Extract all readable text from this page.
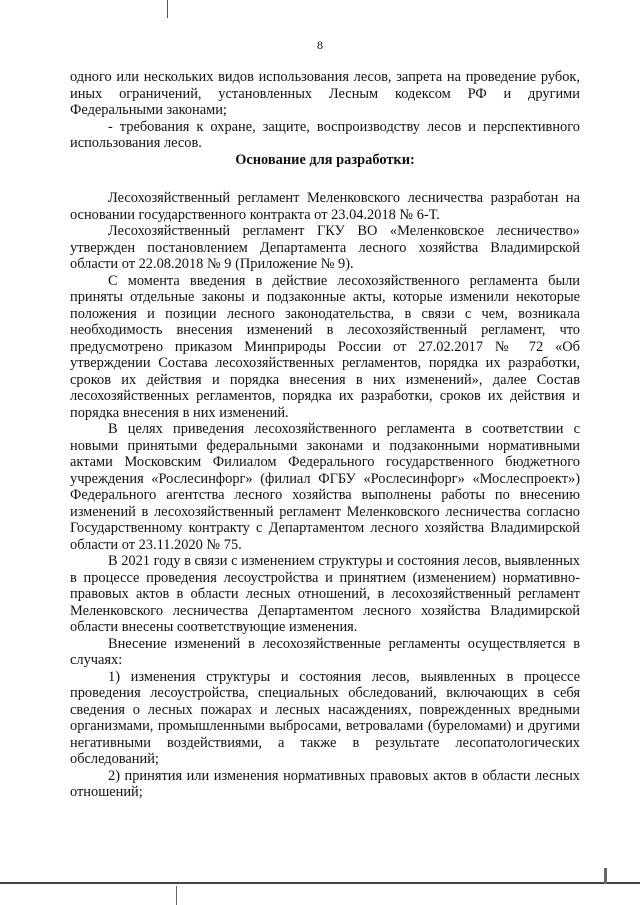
8

одного или нескольких видов использования лесов, запрета на проведение рубок, иных ограничений, установленных Лесным кодексом РФ и другими Федеральными законами;

- требования к охране, защите, воспроизводству лесов и перспективного использования лесов.

Основание для разработки:

Лесохозяйственный регламент Меленковского лесничества разработан на основании государственного контракта от 23.04.2018 № 6-Т.

Лесохозяйственный регламент ГКУ ВО «Меленковское лесничество» утвержден постановлением Департамента лесного хозяйства Владимирской области от 22.08.2018 № 9 (Приложение № 9).

С момента введения в действие лесохозяйственного регламента были приняты отдельные законы и подзаконные акты, которые изменили некоторые положения и позиции лесного законодательства, в связи с чем, возникала необходимость внесения изменений в лесохозяйственный регламент, что предусмотрено приказом Минприроды России от 27.02.2017 № 72 «Об утверждении Состава лесохозяйственных регламентов, порядка их разработки, сроков их действия и порядка внесения в них изменений», далее Состав лесохозяйственных регламентов, порядка их разработки, сроков их действия и порядка внесения в них изменений.

В целях приведения лесохозяйственного регламента в соответствии с новыми принятыми федеральными законами и подзаконными нормативными актами Московским Филиалом Федерального государственного бюджетного учреждения «Рослесинфорг» (филиал ФГБУ «Рослесинфорг» «Мослеспроект») Федерального агентства лесного хозяйства выполнены работы по внесению изменений в лесохозяйственный регламент Меленковского лесничества согласно Государственному контракту с Департаментом лесного хозяйства Владимирской области от 23.11.2020 № 75.

В 2021 году в связи с изменением структуры и состояния лесов, выявленных в процессе проведения лесоустройства и принятием (изменением) нормативно-правовых актов в области лесных отношений, в лесохозяйственный регламент Меленковского лесничества Департаментом лесного хозяйства Владимирской области внесены соответствующие изменения.

Внесение изменений в лесохозяйственные регламенты осуществляется в случаях:

1) изменения структуры и состояния лесов, выявленных в процессе проведения лесоустройства, специальных обследований, включающих в себя сведения о лесных пожарах и лесных насаждениях, поврежденных вредными организмами, промышленными выбросами, ветровалами (буреломами) и другими негативными воздействиями, а также в результате лесопатологических обследований;

2) принятия или изменения нормативных правовых актов в области лесных отношений;
